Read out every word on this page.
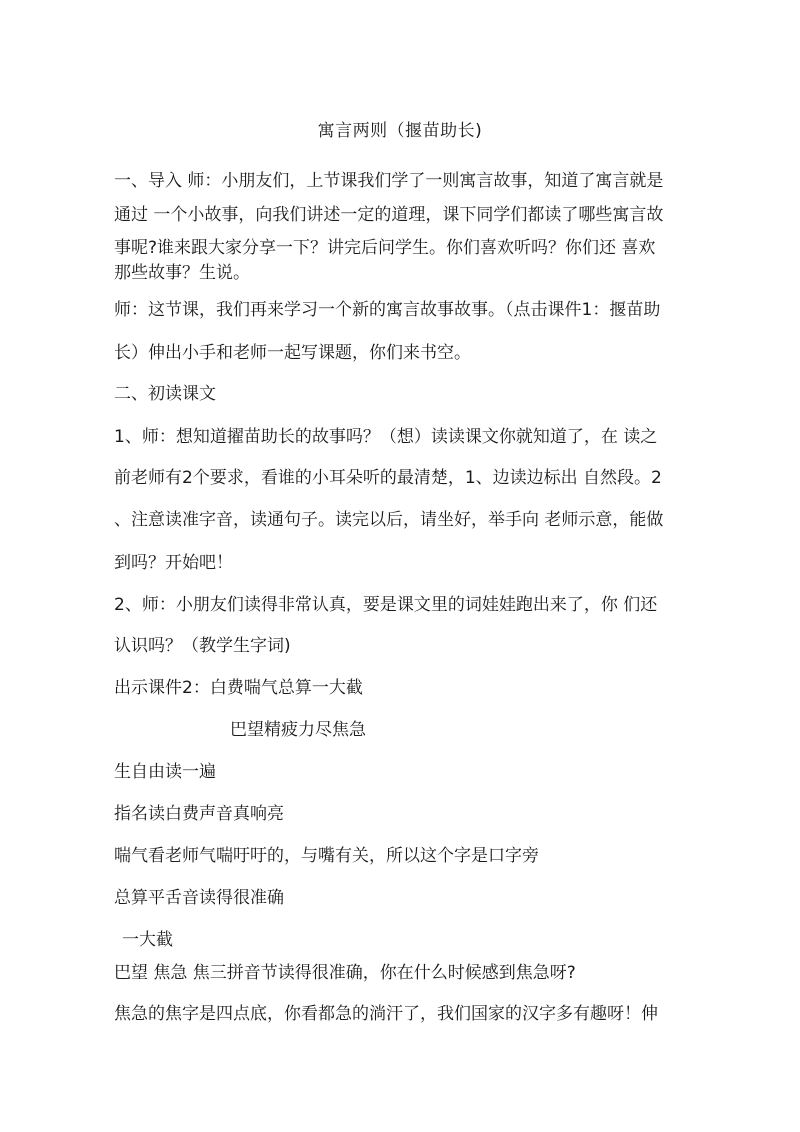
寓言两则（揠苗助长)
一、导入 师：小朋友们，上节课我们学了一则寓言故事，知道了寓言就是
通过 一个小故事，向我们讲述一定的道理，课下同学们都读了哪些寓言故
事呢?谁来跟大家分享一下？讲完后问学生。你们喜欢听吗？你们还 喜欢
那些故事？生说。
师：这节课，我们再来学习一个新的寓言故事故事。（点击课件1：揠苗助
长）伸出小手和老师一起写课题，你们来书空。
二、初读课文
1、师：想知道擢苗助长的故事吗？（想）读读课文你就知道了，在 读之
前老师有2个要求，看谁的小耳朵听的最清楚，1、边读边标出 自然段。2
、注意读准字音，读通句子。读完以后，请坐好，举手向 老师示意，能做
到吗？开始吧！
2、师：小朋友们读得非常认真，要是课文里的词娃娃跑出来了，你 们还
认识吗？（教学生字词)
出示课件2：白费喘气总算一大截
巴望精疲力尽焦急
生自由读一遍
指名读白费声音真响亮
喘气看老师气喘吁吁的，与嘴有关，所以这个字是口字旁
总算平舌音读得很准确
一大截
巴望 焦急 焦三拼音节读得很准确，你在什么时候感到焦急呀?
焦急的焦字是四点底，你看都急的淌汗了，我们国家的汉字多有趣呀！伸
